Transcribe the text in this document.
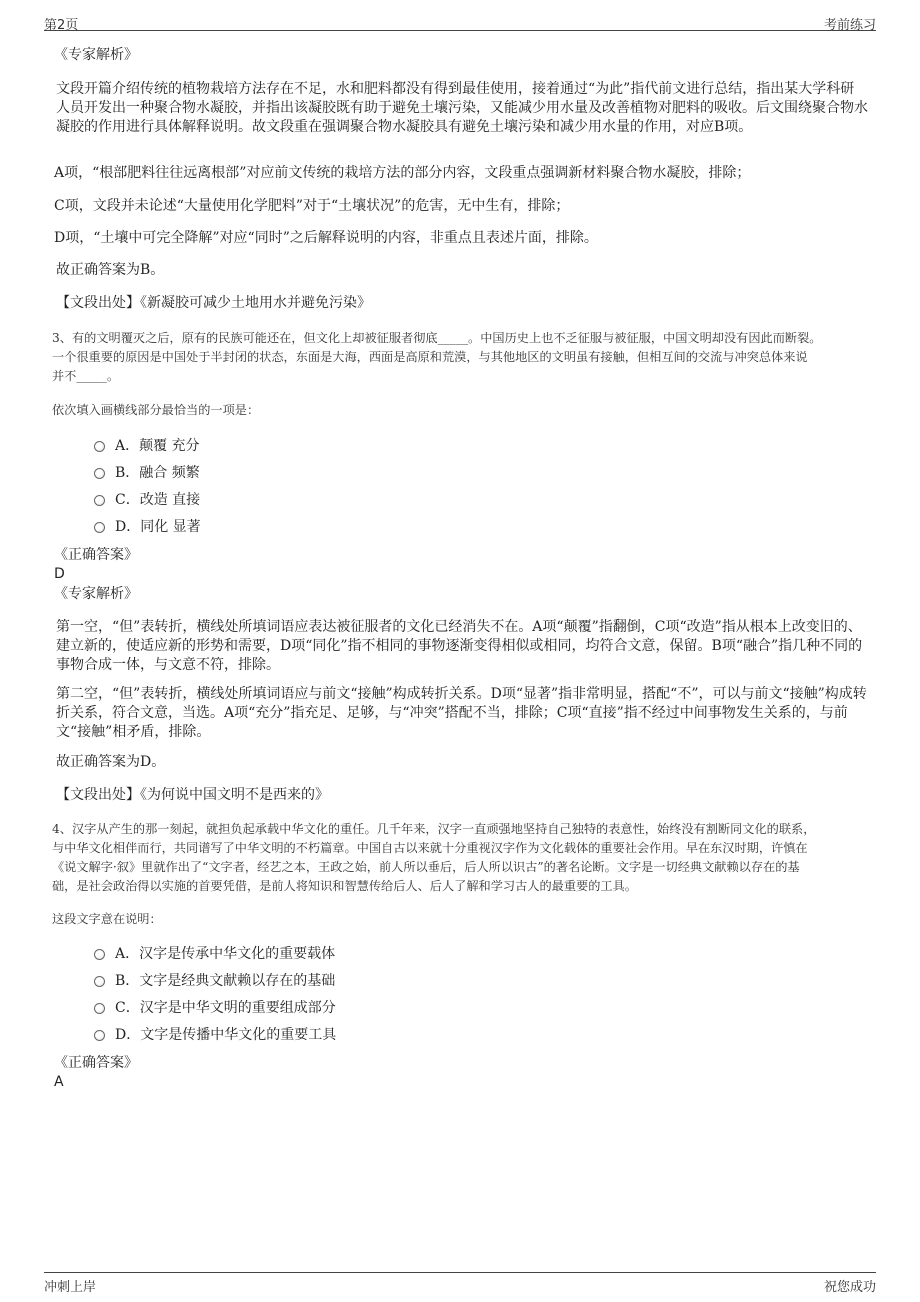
第2页	考前练习
《专家解析》
文段开篇介绍传统的植物栽培方法存在不足，水和肥料都没有得到最佳使用，接着通过“为此”指代前文进行总结，指出某大学科研人员开发出一种聚合物水凝胶，并指出该凝胶既有助于避免土壤污染，又能减少用水量及改善植物对肥料的吸收。后文围绕聚合物水凝胶的作用进行具体解释说明。故文段重在强调聚合物水凝胶具有避免土壤污染和减少用水量的作用，对应B项。
A项，“根部肥料往往远离根部”对应前文传统的栽培方法的部分内容，文段重点强调新材料聚合物水凝胶，排除；
C项，文段并未论述“大量使用化学肥料”对于“土壤状况”的危害，无中生有，排除；
D项，“土壤中可完全降解”对应“同时”之后解释说明的内容，非重点且表述片面，排除。
故正确答案为B。
【文段出处】《新凝胶可减少土地用水并避免污染》
3、有的文明覆灭之后，原有的民族可能还在，但文化上却被征服者彻底_____。中国历史上也不乏征服与被征服，中国文明却没有因此而断裂。
一个很重要的原因是中国处于半封闭的状态，东面是大海，西面是高原和荒漠，与其他地区的文明虽有接触，但相互间的交流与冲突总体来说
并不_____。
依次填入画横线部分最恰当的一项是：
A．颠覆 充分
B．融合 频繁
C．改造 直接
D．同化 显著
《正确答案》
D
《专家解析》
第一空，“但”表转折，横线处所填词语应表达被征服者的文化已经消失不在。A项“颠覆”指翻倒，C项“改造”指从根本上改变旧的、建立新的，使适应新的形势和需要，D项“同化”指不相同的事物逐渐变得相似或相同，均符合文意，保留。B项“融合”指几种不同的事物合成一体，与文意不符，排除。
第二空，“但”表转折，横线处所填词语应与前文“接触”构成转折关系。D项“显著”指非常明显，搭配“不”，可以与前文“接触”构成转折关系，符合文意，当选。A项“充分”指充足、足够，与“冲突”搭配不当，排除；C项“直接”指不经过中间事物发生关系的，与前文“接触”相矛盾，排除。
故正确答案为D。
【文段出处】《为何说中国文明不是西来的》
4、汉字从产生的那一刻起，就担负起承载中华文化的重任。几千年来，汉字一直顽强地坚持自己独特的表意性，始终没有割断同文化的联系，
与中华文化相伴而行，共同谱写了中华文明的不朽篇章。中国自古以来就十分重视汉字作为文化载体的重要社会作用。早在东汉时期，许慎在
《说文解字·叙》里就作出了“文字者，经艺之本，王政之始，前人所以垂后，后人所以识古”的著名论断。文字是一切经典文献赖以存在的基
础，是社会政治得以实施的首要凭借，是前人将知识和智慧传给后人、后人了解和学习古人的最重要的工具。
这段文字意在说明：
A．汉字是传承中华文化的重要载体
B．文字是经典文献赖以存在的基础
C．汉字是中华文明的重要组成部分
D．文字是传播中华文化的重要工具
《正确答案》
A
冲刺上岸	祝您成功
